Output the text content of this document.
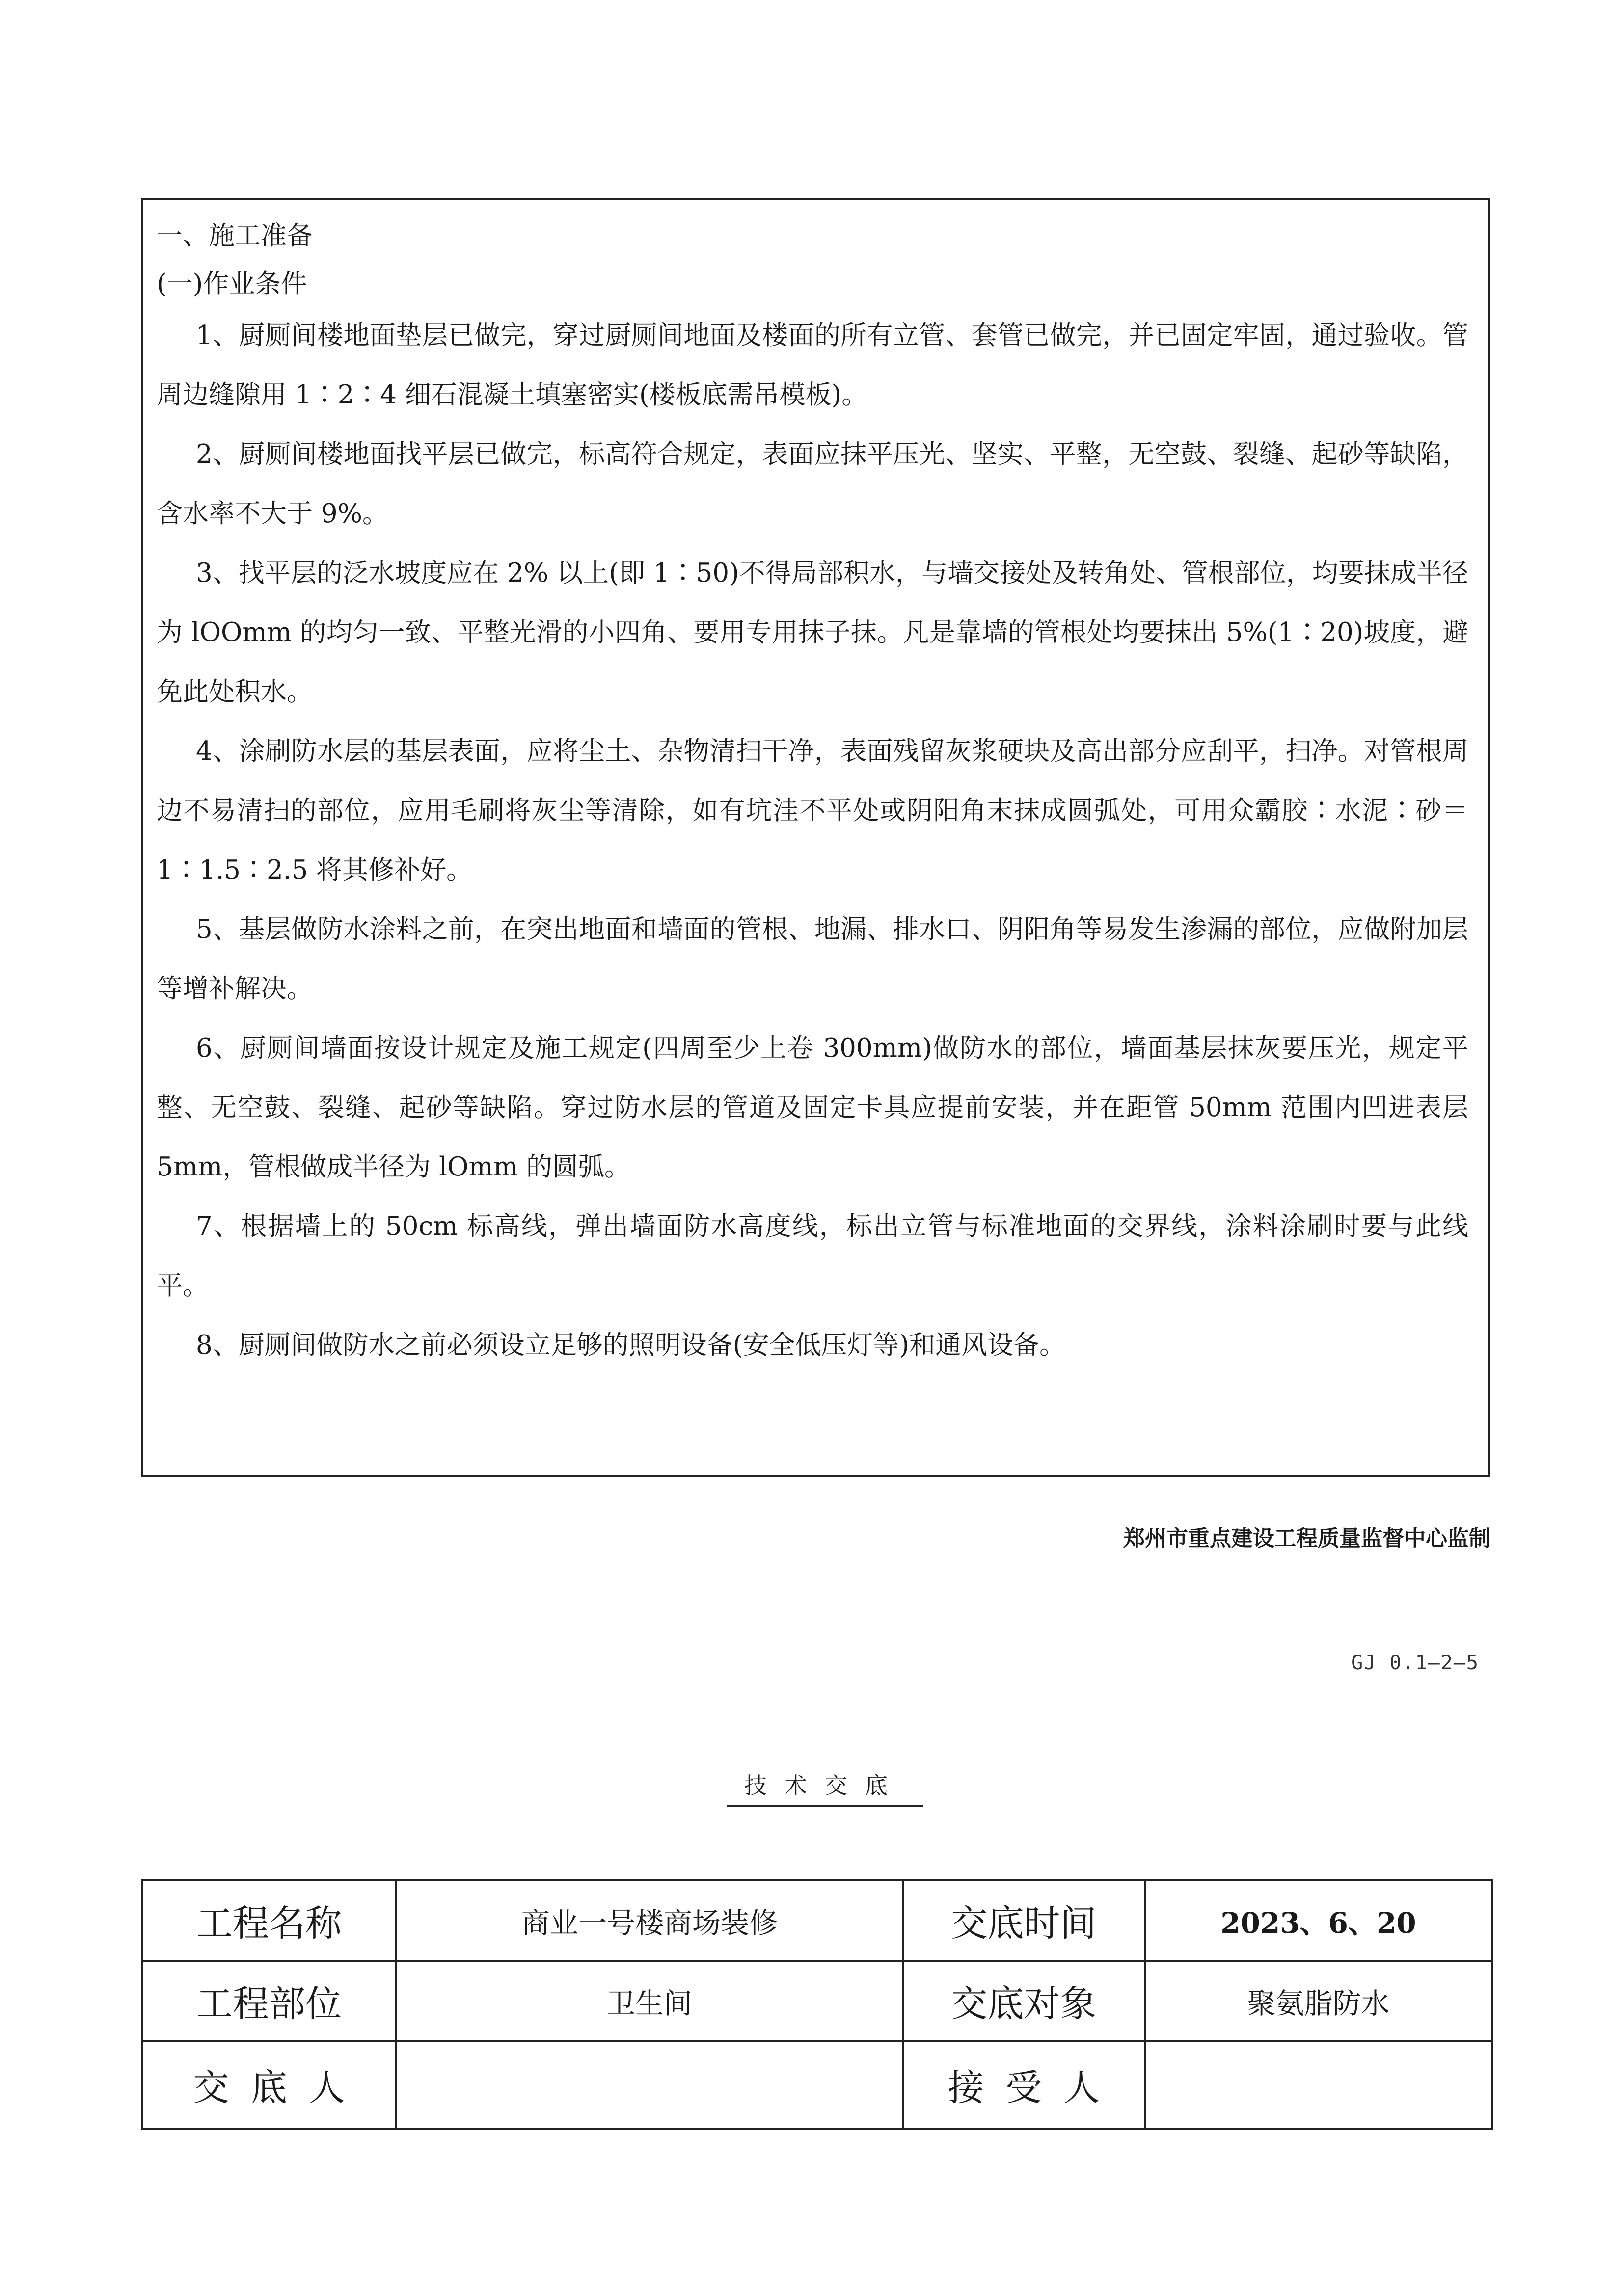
一、施工准备
(一)作业条件

1、厨厕间楼地面垫层已做完，穿过厨厕间地面及楼面的所有立管、套管已做完，并已固定牢固，通过验收。管周边缝隙用 1∶2∶4 细石混凝土填塞密实(楼板底需吊模板)。

2、厨厕间楼地面找平层已做完，标高符合规定，表面应抹平压光、坚实、平整，无空鼓、裂缝、起砂等缺陷，含水率不大于 9%。

3、找平层的泛水坡度应在 2% 以上(即 1∶50)不得局部积水，与墙交接处及转角处、管根部位，均要抹成半径为 lOOmm 的均匀一致、平整光滑的小四角、要用专用抹子抹。凡是靠墙的管根处均要抹出 5%(1∶20)坡度，避免此处积水。

4、涂刷防水层的基层表面，应将尘土、杂物清扫干净，表面残留灰浆硬块及高出部分应刮平，扫净。对管根周边不易清扫的部位，应用毛刷将灰尘等清除，如有坑洼不平处或阴阳角末抹成圆弧处，可用众霸胶∶水泥∶砂＝1∶1.5∶2.5 将其修补好。

5、基层做防水涂料之前，在突出地面和墙面的管根、地漏、排水口、阴阳角等易发生渗漏的部位，应做附加层等增补解决。

6、厨厕间墙面按设计规定及施工规定(四周至少上卷 300mm)做防水的部位，墙面基层抹灰要压光，规定平整、无空鼓、裂缝、起砂等缺陷。穿过防水层的管道及固定卡具应提前安装，并在距管 50mm 范围内凹进表层 5mm，管根做成半径为 lOmm 的圆弧。

7、根据墙上的 50cm 标高线，弹出墙面防水高度线，标出立管与标准地面的交界线，涂料涂刷时要与此线平。

8、厨厕间做防水之前必须设立足够的照明设备(安全低压灯等)和通风设备。

郑州市重点建设工程质量监督中心监制
GJ 0.1—2—5
技术交底
工程名称	商业一号楼商场装修	交底时间	2023、6、20
工程部位	卫生间	交底对象	聚氨脂防水
交底人		接受人	
